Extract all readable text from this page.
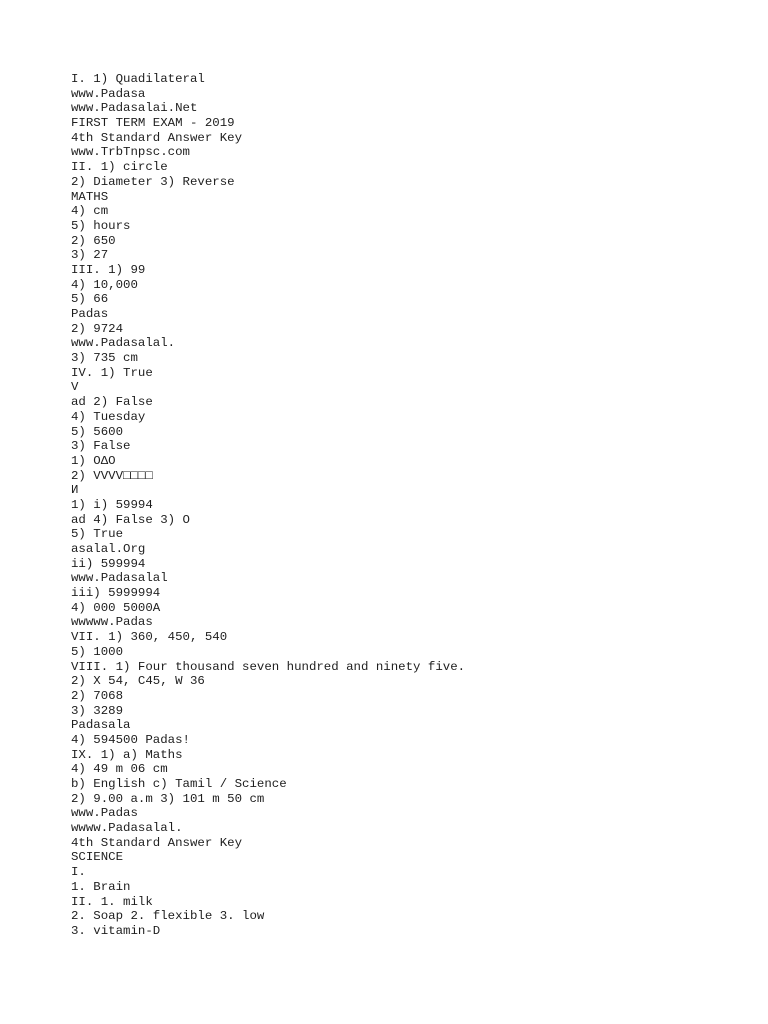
I. 1) Quadilateral
www.Padasa
www.Padasalai.Net
FIRST TERM EXAM - 2019
4th Standard Answer Key
www.TrbTnpsc.com
II. 1) circle
2) Diameter 3) Reverse
MATHS
4) cm
5) hours
2) 650
3) 27
III. 1) 99
4) 10,000
5) 66
Padas
2) 9724
www.Padasalal.
3) 735 cm
IV. 1) True
V
ad 2) False
4) Tuesday
5) 5600
3) False
1) OΔO
2) VVVV□□□□
И
1) i) 59994
ad 4) False 3) O
5) True
asalal.Org
ii) 599994
www.Padasalal
iii) 5999994
4) 000 5000A
wwwww.Padas
VII. 1) 360, 450, 540
5) 1000
VIII. 1) Four thousand seven hundred and ninety five.
2) X 54, C45, W 36
2) 7068
3) 3289
Padasala
4) 594500 Padas!
IX. 1) a) Maths
4) 49 m 06 cm
b) English c) Tamil / Science
2) 9.00 a.m 3) 101 m 50 cm
www.Padas
wwww.Padasalal.
4th Standard Answer Key
SCIENCE
I.
1. Brain
II. 1. milk
2. Soap 2. flexible 3. low
3. vitamin-D
